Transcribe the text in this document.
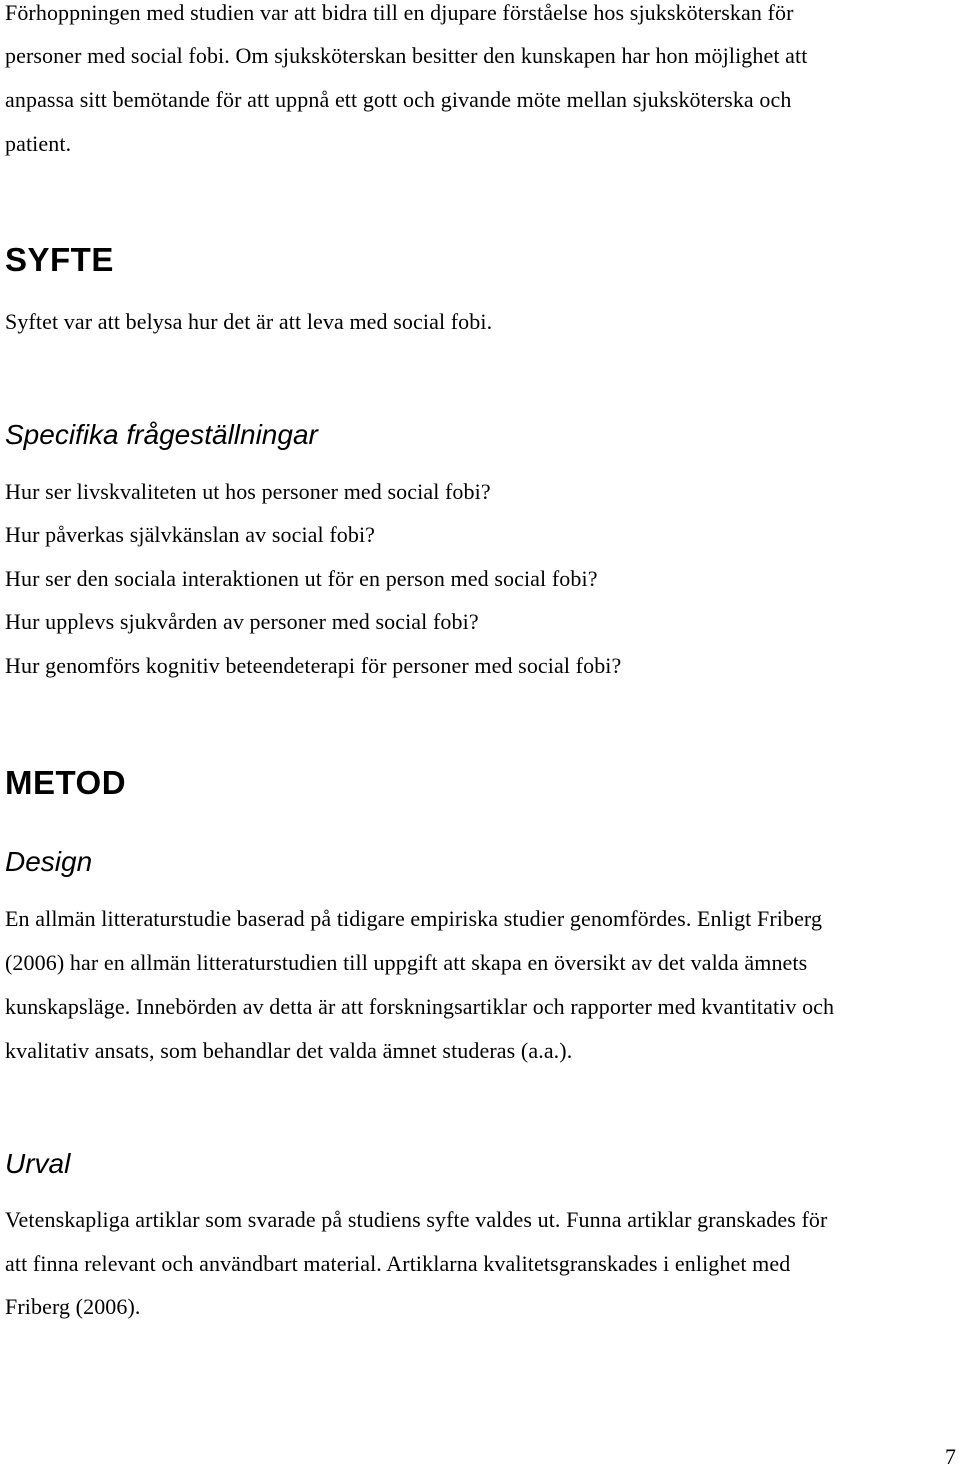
Förhoppningen med studien var att bidra till en djupare förståelse hos sjuksköterskan för

personer med social fobi. Om sjuksköterskan besitter den kunskapen har hon möjlighet att

anpassa sitt bemötande för att uppnå ett gott och givande möte mellan sjuksköterska och

patient.

SYFTE

Syftet var att belysa hur det är att leva med social fobi.

Specifika frågeställningar

Hur ser livskvaliteten ut hos personer med social fobi?

Hur påverkas självkänslan av social fobi?

Hur ser den sociala interaktionen ut för en person med social fobi?

Hur upplevs sjukvården av personer med social fobi?

Hur genomförs kognitiv beteendeterapi för personer med social fobi?

METOD
Design

En allmän litteraturstudie baserad på tidigare empiriska studier genomfördes. Enligt Friberg

(2006) har en allmän litteraturstudien till uppgift att skapa en översikt av det valda ämnets

kunskapsläge. Innebörden av detta är att forskningsartiklar och rapporter med kvantitativ och

kvalitativ ansats, som behandlar det valda ämnet studeras (a.a.).

Urval

Vetenskapliga artiklar som svarade på studiens syfte valdes ut. Funna artiklar granskades för

att finna relevant och användbart material. Artiklarna kvalitetsgranskades i enlighet med

Friberg (2006).

7
